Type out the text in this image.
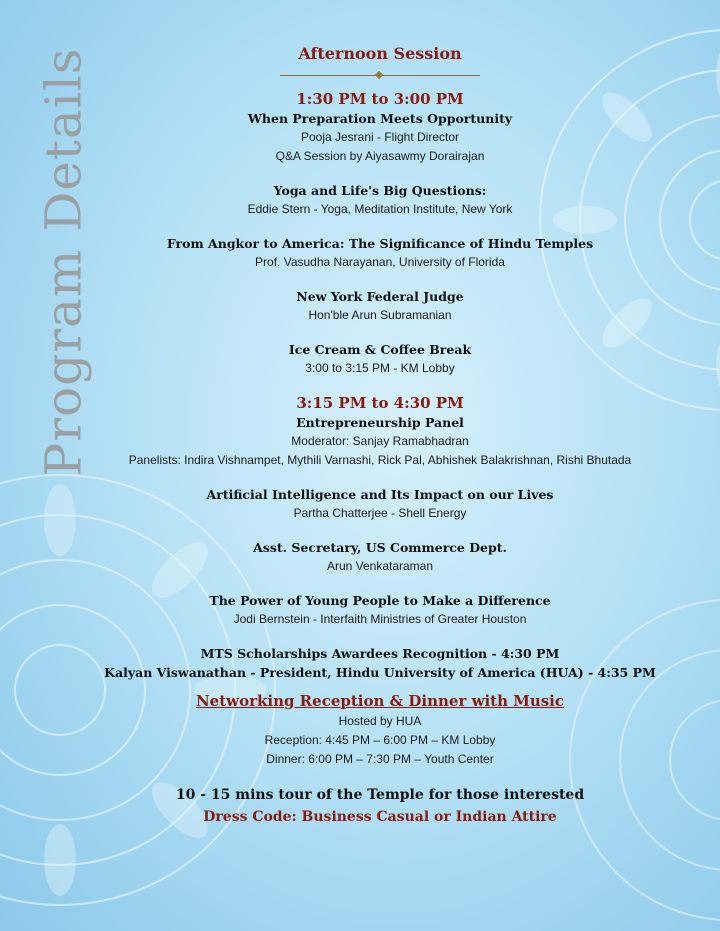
Program Details	Afternoon Session
1:30 PM to 3:00 PM
When Preparation Meets Opportunity
Pooja Jesrani - Flight Director
Q&A Session by Aiyasawmy Dorairajan
Yoga and Life's Big Questions:
Eddie Stern - Yoga, Meditation Institute, New York
From Angkor to America: The Significance of Hindu Temples
Prof. Vasudha Narayanan, University of Florida
New York Federal Judge
Hon'ble Arun Subramanian
Ice Cream & Coffee Break
3:00 to 3:15 PM - KM Lobby
3:15 PM to 4:30 PM
Entrepreneurship Panel
Moderator: Sanjay Ramabhadran
Panelists: Indira Vishnampet, Mythili Varnashi, Rick Pal, Abhishek Balakrishnan, Rishi Bhutada
Artificial Intelligence and Its Impact on our Lives
Partha Chatterjee - Shell Energy
Asst. Secretary, US Commerce Dept.
Arun Venkataraman
The Power of Young People to Make a Difference
Jodi Bernstein - Interfaith Ministries of Greater Houston
MTS Scholarships Awardees Recognition - 4:30 PM
Kalyan Viswanathan - President, Hindu University of America (HUA) - 4:35 PM
Networking Reception & Dinner with Music
Hosted by HUA
Reception: 4:45 PM – 6:00 PM – KM Lobby
Dinner: 6:00 PM – 7:30 PM – Youth Center
10 - 15 mins tour of the Temple for those interested
Dress Code: Business Casual or Indian Attire
